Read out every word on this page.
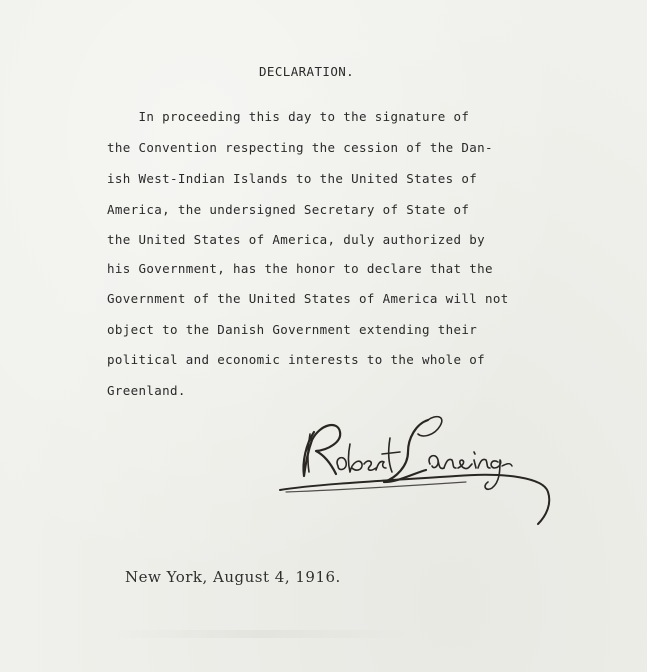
DECLARATION.
In proceeding this day to the signature of
the Convention respecting the cession of the Dan-
ish West-Indian Islands to the United States of
America, the undersigned Secretary of State of
the United States of America, duly authorized by
his Government, has the honor to declare that the
Government of the United States of America will not
object to the Danish Government extending their
political and economic interests to the whole of
Greenland.
New York, August 4, 1916.
